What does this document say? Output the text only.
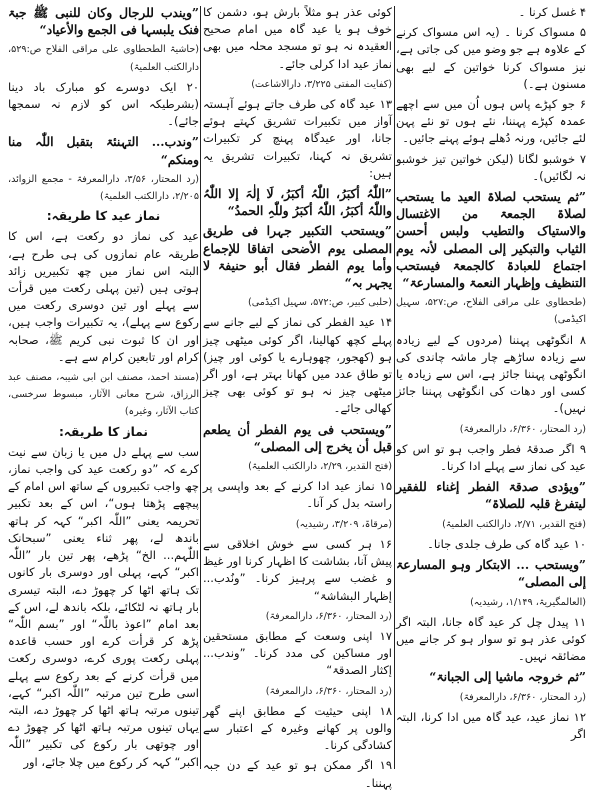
۴ غسل کرنا ۔

۵ مسواک کرنا ۔ (یہ اس مسواک کرنے کے علاوہ ہے جو وضو میں کی جاتی ہے، نیز مسواک کرنا خواتین کے لیے بھی مسنون ہے۔)

۶ جو کپڑے پاس ہوں اُن میں سے اچھے عمدہ کپڑے پہننا، نئے ہوں تو نئے پہن لئے جائیں، ورنہ دُھلے ہوئے پہنے جائیں۔

۷ خوشبو لگانا (لیکن خواتین تیز خوشبو نہ لگائیں)۔

”ثم یستحب لصلاۃ العید ما یستحب لصلاۃ الجمعۃ من الاغتسال والاستیاک والتطیب ولبس أحسن الثیاب والتبکیر إلی المصلی لأنہ یوم اجتماع للعبادۃ کالجمعۃ فیستحب التنظیف وإظہار النعمۃ والمسارعۃ“

(طحطاوی علی مراقی الفلاح، ص:۵۲۷، سہیل اکیڈمی)

۸ انگوٹھی پہننا (مردوں کے لیے زیادہ سے زیادہ ساڑھے چار ماشہ چاندی کی انگوٹھی پہننا جائز ہے، اس سے زیادہ یا کسی اور دھات کی انگوٹھی پہننا جائز نہیں)۔

(رد المحتار، ۶/۳۶۰، دارالمعرفۃ)

۹ اگر صدقۂ فطر واجب ہو تو اس کو عید کی نماز سے پہلے ادا کرنا۔

”ویؤدی صدقۃ الفطر إغناء للفقیر لیتفرغ قلبہ للصلاۃ“

(فتح القدیر، ۲/۷۱، دارالکتب العلمیۃ)

۱۰ عید گاہ کی طرف جلدی جانا۔

”ویستحب ... الابتکار وہو المسارعۃ إلی المصلی“

(العالمگیریۃ، ۱/۱۴۹، رشیدیہ)

۱۱ پیدل چل کر عید گاہ جانا، البتہ اگر کوئی عذر ہو تو سوار ہو کر جانے میں مضائقہ نہیں۔

”ثم خروجہ ماشیا إلی الجبانۃ“

(رد المحتار، ۶/۳۶۰، دارالمعرفۃ)

۱۲ نماز عید، عید گاہ میں ادا کرنا، البتہ اگر

کوئی عذر ہو مثلاً بارش ہو، دشمن کا خوف ہو یا عید گاہ میں امام صحیح العقیدہ نہ ہو تو مسجد محلہ میں بھی نماز عید ادا کرلی جائے۔

(کفایت المفتی ۳/۲۲۵، دارالاشاعت)

۱۳ عید گاہ کی طرف جاتے ہوئے آہستہ آواز میں تکبیرات تشریق کہتے ہوئے جانا، اور عیدگاہ پہنچ کر تکبیرات تشریق نہ کہنا، تکبیرات تشریق یہ ہیں:

”اللّٰہُ أکبَرُ، اللّٰہُ أکبَرُ، لَا إلٰہَ إلا اللّٰہُ واللّٰہُ أکبَرُ، اللّٰہُ أکبَرُ وللّٰہِ الحمدُ“

”ویستحب التکبیر جہرا فی طریق المصلی یوم الأضحی اتفاقا للإجماع وأما یوم الفطر فقال أبو حنیفۃ لا یجہر بہ“

(حلبی کبیر، ص:۵۷۲، سہیل اکیڈمی)

۱۴ عید الفطر کی نماز کے لیے جانے سے پہلے کچھ کھالینا، اگر کوئی میٹھی چیز ہو (کھجور، چھوہارے یا کوئی اور چیز) تو طاق عدد میں کھانا بہتر ہے، اور اگر میٹھی چیز نہ ہو تو کوئی بھی چیز کھالی جائے۔

”ویستحب فی یوم الفطر أن یطعم قبل أن یخرج إلی المصلی“

(فتح القدیر، ۲/۲۹، دارالکتب العلمیۃ)

۱۵ نماز عید ادا کرنے کے بعد واپسی پر راستہ بدل کر آنا۔

(مرقاۃ، ۳/۲۰۹، رشیدیہ)

۱۶ ہر کسی سے خوش اخلاقی سے پیش آنا، بشاشت کا اظہار کرنا اور غیظ و غضب سے پرہیز کرنا۔ ”ونُدب... إظہار البشاشۃ“

(رد المحتار، ۶/۳۶۰، دارالمعرفۃ)

۱۷ اپنی وسعت کے مطابق مستحقین اور مساکین کی مدد کرنا۔ ”وندب... إکثار الصدقۃ“

(رد المحتار، ۶/۳۶۰، دارالمعرفۃ)

۱۸ اپنی حیثیت کے مطابق اپنے گھر والوں پر کھانے وغیرہ کے اعتبار سے کشادگی کرنا۔

۱۹ اگر ممکن ہو تو عید کے دن جبہ پہننا۔

”ویندب للرجال وکان للنبی ﷺ جبۃ فنک یلبسہا فی الجمع والأعیاد“

(حاشیۃ الطحطاوی علی مراقی الفلاح ص:۵۲۹، دارالکتب العلمیۃ)

۲۰ ایک دوسرے کو مبارک باد دینا (بشرطیکہ اس کو لازم نہ سمجھا جائے)۔

”وندب... التہنئۃ بتقبل اللّٰہ منا ومنکم“

(رد المحتار، ۳/۵۶، دارالمعرفۃ - مجمع الزوائد، ۲/۲۰۵، دارالکتب العلمیۃ)

نماز عید کا طریقہ:

عید کی نماز دو رکعت ہے، اس کا طریقہ عام نمازوں کی ہی طرح ہے، البتہ اس نماز میں چھ تکبیریں زائد ہوتی ہیں (تین پہلی رکعت میں قرأت سے پہلے اور تین دوسری رکعت میں رکوع سے پہلے)، یہ تکبیرات واجب ہیں، اور ان کا ثبوت نبی کریم ﷺ، صحابہ کرام اور تابعین کرام سے ہے۔

(مسند احمد، مصنف ابن ابی شیبہ، مصنف عبد الرزاق، شرح معانی الآثار، مبسوط سرخسی، کتاب الآثار، وغیرہ)

نماز کا طریقہ:

سب سے پہلے دل میں یا زبان سے نیت کرے کہ ”دو رکعت عید کی واجب نماز، چھ واجب تکبیروں کے ساتھ اس امام کے پیچھے پڑھتا ہوں“، اس کے بعد تکبیر تحریمہ یعنی ”اللّٰہ اکبر“ کہہ کر ہاتھ باندھ لے، پھر ثناء یعنی ”سبحانک اللّٰہم... الخ“ پڑھے، پھر تین بار ”اللّٰہ اکبر“ کہے، پہلی اور دوسری بار کانوں تک ہاتھ اٹھا کر چھوڑ دے، البتہ تیسری بار ہاتھ نہ لٹکائے، بلکہ باندھ لے، اس کے بعد امام ”اعوذ باللّٰہ“ اور ”بسم اللّٰہ“ پڑھ کر قرأت کرے اور حسب قاعدہ پہلی رکعت پوری کرے، دوسری رکعت میں قرأت کرنے کے بعد رکوع سے پہلے اسی طرح تین مرتبہ ”اللّٰہ اکبر“ کہے، تینوں مرتبہ ہاتھ اٹھا کر چھوڑ دے، البتہ یہاں تینوں مرتبہ ہاتھ اٹھا کر چھوڑ دے اور چوتھی بار رکوع کی تکبیر ”اللّٰہ اکبر“ کہہ کر رکوع میں چلا جائے، اور
